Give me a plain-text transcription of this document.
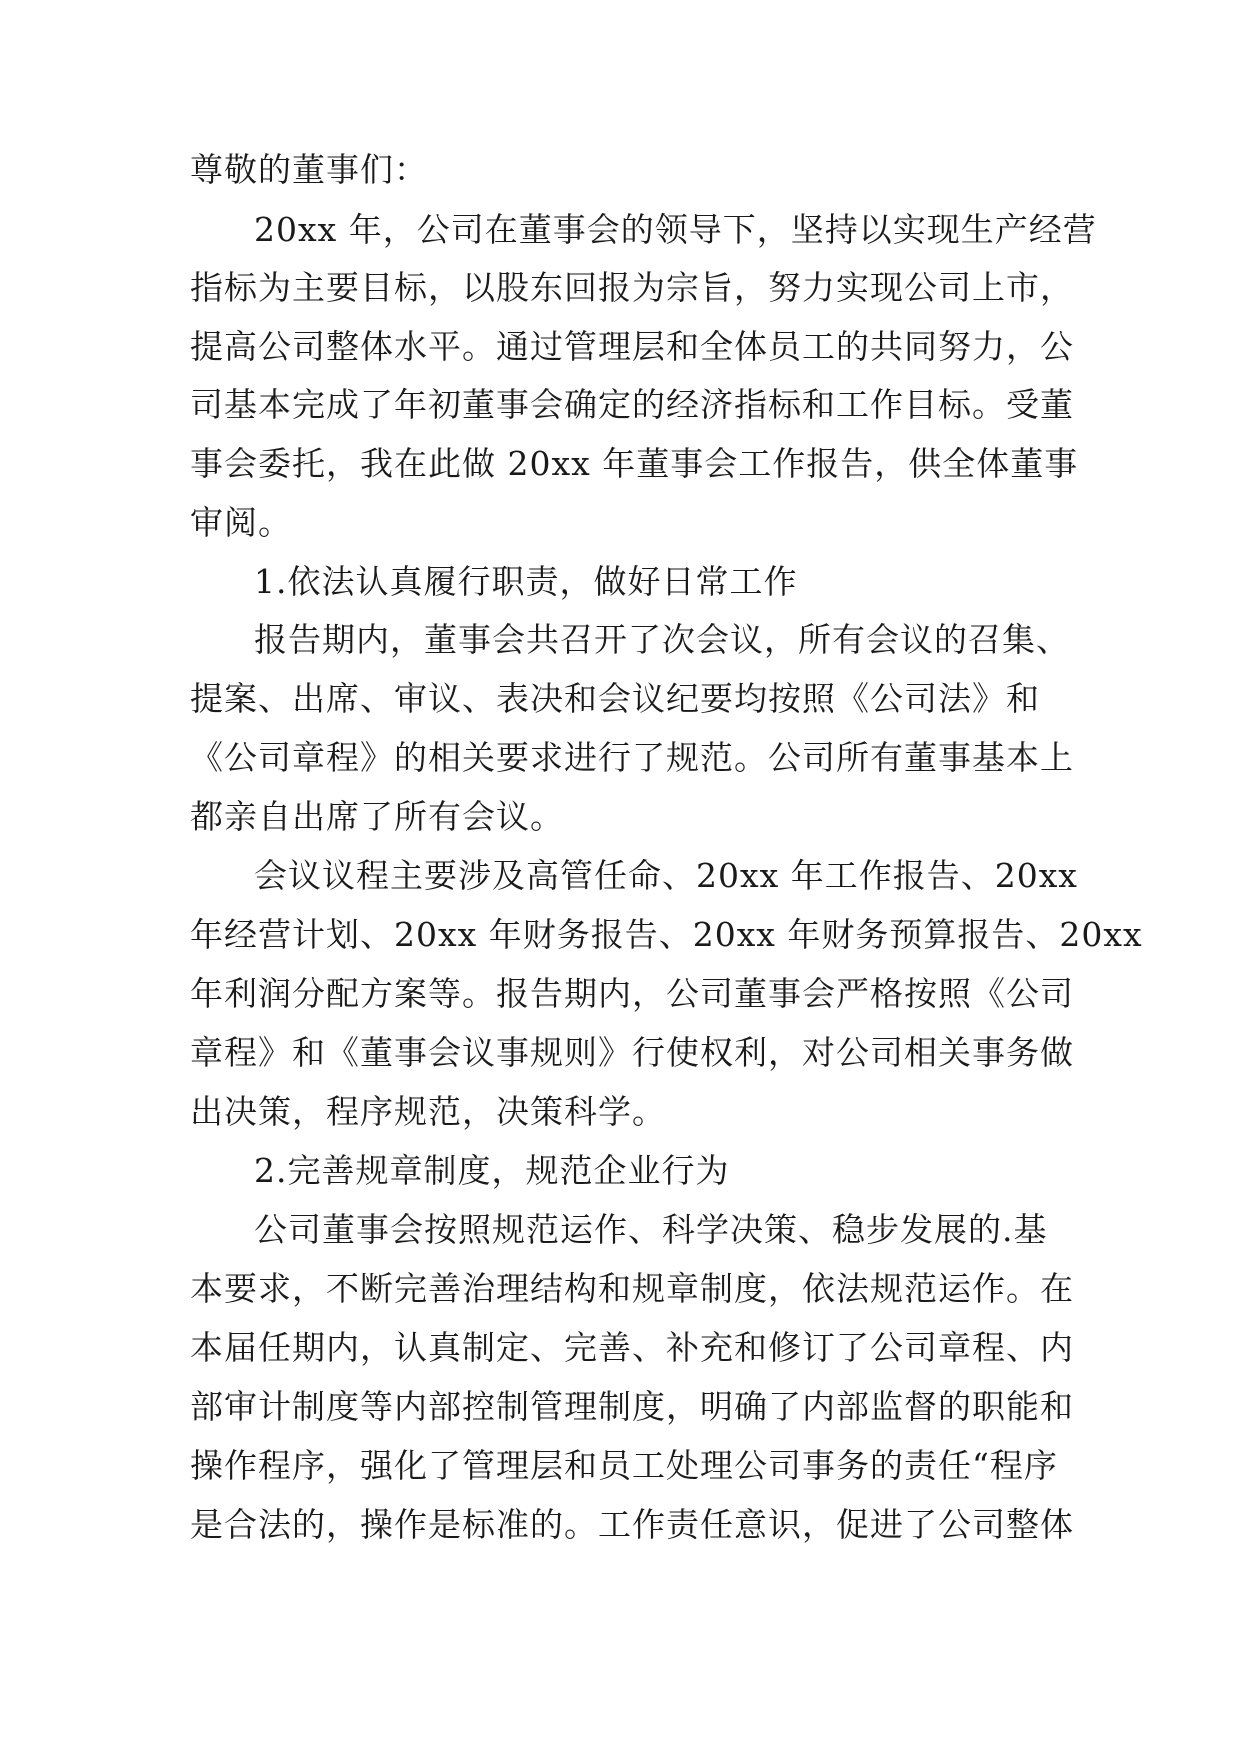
尊敬的董事们：
20xx 年，公司在董事会的领导下，坚持以实现生产经营
指标为主要目标，以股东回报为宗旨，努力实现公司上市，
提高公司整体水平。通过管理层和全体员工的共同努力，公
司基本完成了年初董事会确定的经济指标和工作目标。受董
事会委托，我在此做 20xx 年董事会工作报告，供全体董事
审阅。
1.依法认真履行职责，做好日常工作
报告期内，董事会共召开了次会议，所有会议的召集、
提案、出席、审议、表决和会议纪要均按照《公司法》和
《公司章程》的相关要求进行了规范。公司所有董事基本上
都亲自出席了所有会议。
会议议程主要涉及高管任命、20xx 年工作报告、20xx
年经营计划、20xx 年财务报告、20xx 年财务预算报告、20xx
年利润分配方案等。报告期内，公司董事会严格按照《公司
章程》和《董事会议事规则》行使权利，对公司相关事务做
出决策，程序规范，决策科学。
2.完善规章制度，规范企业行为
公司董事会按照规范运作、科学决策、稳步发展的.基
本要求，不断完善治理结构和规章制度，依法规范运作。在
本届任期内，认真制定、完善、补充和修订了公司章程、内
部审计制度等内部控制管理制度，明确了内部监督的职能和
操作程序，强化了管理层和员工处理公司事务的责任“程序
是合法的，操作是标准的。工作责任意识，促进了公司整体
